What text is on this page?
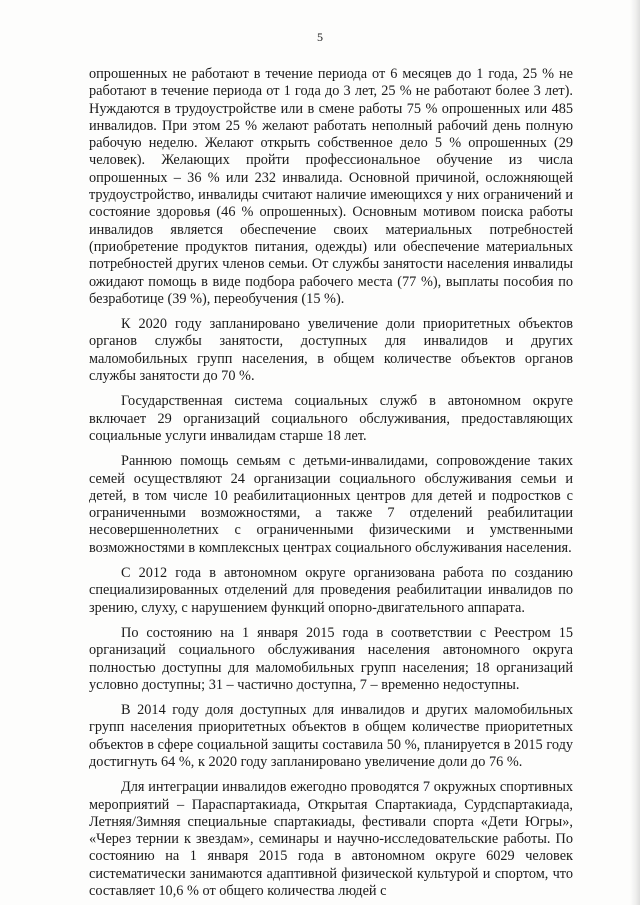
5

опрошенных не работают в течение периода от 6 месяцев до 1 года, 25 % не работают в течение периода от 1 года до 3 лет, 25 % не работают более 3 лет). Нуждаются в трудоустройстве или в смене работы 75 % опрошенных или 485 инвалидов. При этом 25 % желают работать неполный рабочий день полную рабочую неделю. Желают открыть собственное дело 5 % опрошенных (29 человек). Желающих пройти профессиональное обучение из числа опрошенных – 36 % или 232 инвалида. Основной причиной, осложняющей трудоустройство, инвалиды считают наличие имеющихся у них ограничений и состояние здоровья (46 % опрошенных). Основным мотивом поиска работы инвалидов является обеспечение своих материальных потребностей (приобретение продуктов питания, одежды) или обеспечение материальных потребностей других членов семьи. От службы занятости населения инвалиды ожидают помощь в виде подбора рабочего места (77 %), выплаты пособия по безработице (39 %), переобучения (15 %).

К 2020 году запланировано увеличение доли приоритетных объектов органов службы занятости, доступных для инвалидов и других маломобильных групп населения, в общем количестве объектов органов службы занятости до 70 %.

Государственная система социальных служб в автономном округе включает 29 организаций социального обслуживания, предоставляющих социальные услуги инвалидам старше 18 лет.

Раннюю помощь семьям с детьми-инвалидами, сопровождение таких семей осуществляют 24 организации социального обслуживания семьи и детей, в том числе 10 реабилитационных центров для детей и подростков с ограниченными возможностями, а также 7 отделений реабилитации несовершеннолетних с ограниченными физическими и умственными возможностями в комплексных центрах социального обслуживания населения.

С 2012 года в автономном округе организована работа по созданию специализированных отделений для проведения реабилитации инвалидов по зрению, слуху, с нарушением функций опорно-двигательного аппарата.

По состоянию на 1 января 2015 года в соответствии с Реестром 15 организаций социального обслуживания населения автономного округа полностью доступны для маломобильных групп населения; 18 организаций условно доступны; 31 – частично доступна, 7 – временно недоступны.

В 2014 году доля доступных для инвалидов и других маломобильных групп населения приоритетных объектов в общем количестве приоритетных объектов в сфере социальной защиты составила 50 %, планируется в 2015 году достигнуть 64 %, к 2020 году запланировано увеличение доли до 76 %.

Для интеграции инвалидов ежегодно проводятся 7 окружных спортивных мероприятий – Параспартакиада, Открытая Спартакиада, Сурдспартакиада, Летняя/Зимняя специальные спартакиады, фестивали спорта «Дети Югры», «Через тернии к звездам», семинары и научно-исследовательские работы. По состоянию на 1 января 2015 года в автономном округе 6029 человек систематически занимаются адаптивной физической культурой и спортом, что составляет 10,6 % от общего количества людей с
